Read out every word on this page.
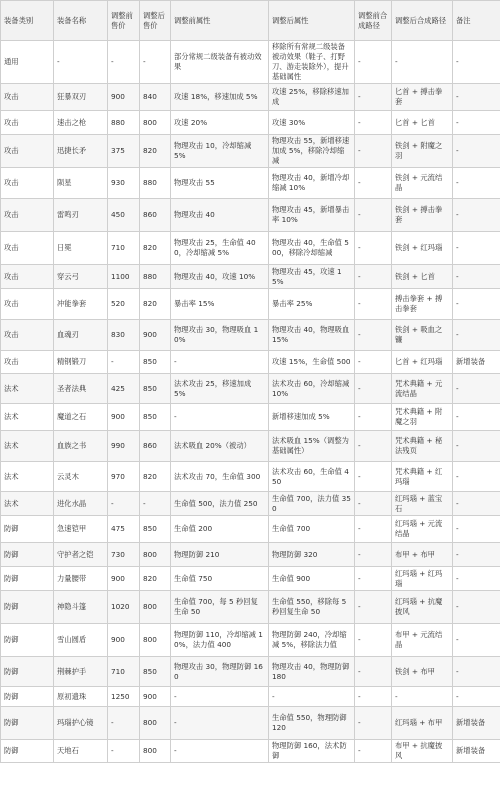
装备类别	装备名称	调整前售价	调整后售价	调整前属性	调整后属性	调整前合成路径	调整后合成路径	备注
通用	-	-	-	部分常规二级装备有被动效果	移除所有常规二级装备被动效果（鞋子、打野刀、游走装除外），提升基础属性	-	-	-
攻击	狂暴双刃	900	840	攻速 18%，移速加成 5%	攻速 25%，移除移速加成	-	匕首 + 搏击拳套	-
攻击	速击之枪	880	800	攻速 20%	攻速 30%	-	匕首 + 匕首	-
攻击	迅捷长矛	375	820	物理攻击 10，冷却缩减 5%	物理攻击 55，新增移速加成 5%，移除冷却缩减	-	铁剑 + 附魔之羽	-
攻击	陨星	930	880	物理攻击 55	物理攻击 40，新增冷却缩减 10%	-	铁剑 + 元流结晶	-
攻击	雷鸣刃	450	860	物理攻击 40	物理攻击 45，新增暴击率 10%	-	铁剑 + 搏击拳套	-
攻击	日冕	710	820	物理攻击 25，生命值 400，冷却缩减 5%	物理攻击 40，生命值 500，移除冷却缩减	-	铁剑 + 红玛瑙	-
攻击	穿云弓	1100	880	物理攻击 40，攻速 10%	物理攻击 45，攻速 15%	-	铁剑 + 匕首	-
攻击	冲能拳套	520	820	暴击率 15%	暴击率 25%	-	搏击拳套 + 搏击拳套	-
攻击	血魂刃	830	900	物理攻击 30，物理吸血 10%	物理攻击 40，物理吸血 15%	-	铁剑 + 吸血之镰	-
攻击	精钢锻刀	-	850	-	攻速 15%，生命值 500	-	匕首 + 红玛瑙	新增装备
法术	圣者法典	425	850	法术攻击 25，移速加成 5%	法术攻击 60，冷却缩减 10%	-	咒术典籍 + 元流结晶	-
法术	魔道之石	900	850	-	新增移速加成 5%	-	咒术典籍 + 附魔之羽	-
法术	血族之书	990	860	法术吸血 20%（被动）	法术吸血 15%（调整为基础属性）	-	咒术典籍 + 秘法残页	-
法术	云灵木	970	820	法术攻击 70，生命值 300	法术攻击 60，生命值 450	-	咒术典籍 + 红玛瑙	-
法术	进化水晶	-	-	生命值 500，法力值 250	生命值 700，法力值 350	-	红玛瑙 + 蓝宝石	-
防御	急速铠甲	475	850	生命值 200	生命值 700	-	红玛瑙 + 元流结晶	-
防御	守护者之铠	730	800	物理防御 210	物理防御 320	-	布甲 + 布甲	-
防御	力量腰带	900	820	生命值 750	生命值 900	-	红玛瑙 + 红玛瑙	-
防御	神隐斗篷	1020	800	生命值 700，每 5 秒回复生命 50	生命值 550，移除每 5 秒回复生命 50	-	红玛瑙 + 抗魔披风	-
防御	雪山圆盾	900	800	物理防御 110，冷却缩减 10%，法力值 400	物理防御 240，冷却缩减 5%，移除法力值	-	布甲 + 元流结晶	-
防御	荆棘护手	710	850	物理攻击 30，物理防御 160	物理攻击 40，物理防御 180	-	铁剑 + 布甲	-
防御	原初遗珠	1250	900	-	-	-	-	-
防御	玛瑙护心镜	-	800	-	生命值 550，物理防御 120	-	红玛瑙 + 布甲	新增装备
防御	天地石	-	800	-	物理防御 160，法术防御	-	布甲 + 抗魔披风	新增装备
